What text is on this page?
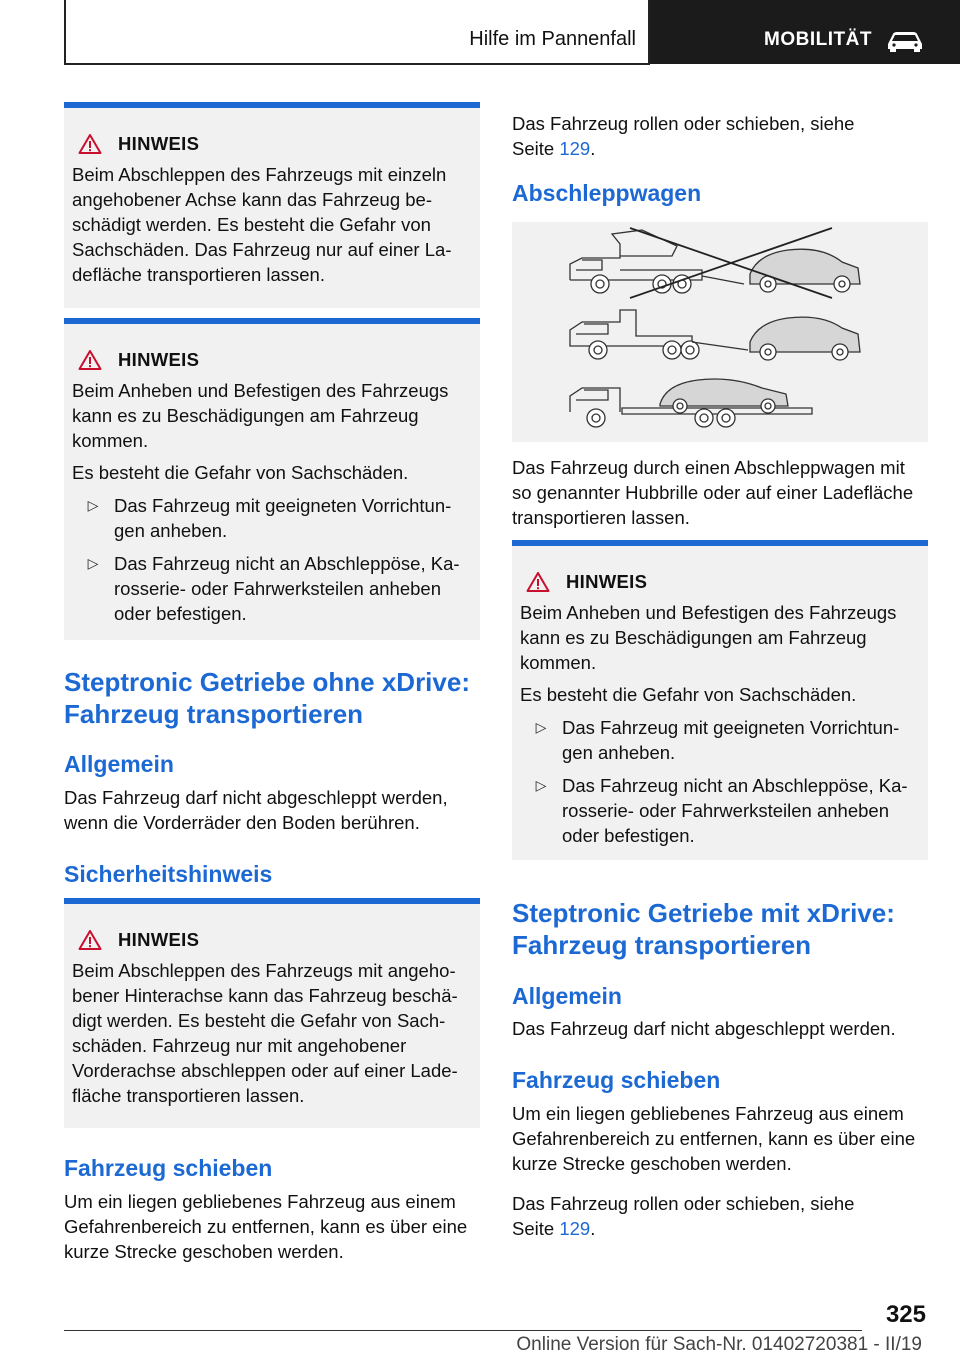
Hilfe im Pannenfall	MOBILITÄT
HINWEIS
Beim Abschleppen des Fahrzeugs mit einzeln angehobener Achse kann das Fahrzeug beschädigt werden. Es besteht die Gefahr von Sachschäden. Das Fahrzeug nur auf einer Ladefläche transportieren lassen.
HINWEIS
Beim Anheben und Befestigen des Fahrzeugs kann es zu Beschädigungen am Fahrzeug kommen.
Es besteht die Gefahr von Sachschäden.
▷ Das Fahrzeug mit geeigneten Vorrichtungen anheben.
▷ Das Fahrzeug nicht an Abschleppöse, Karosserie- oder Fahrwerksteilen anheben oder befestigen.
Steptronic Getriebe ohne xDrive: Fahrzeug transportieren
Allgemein
Das Fahrzeug darf nicht abgeschleppt werden, wenn die Vorderräder den Boden berühren.
Sicherheitshinweis
HINWEIS
Beim Abschleppen des Fahrzeugs mit angehobener Hinterachse kann das Fahrzeug beschädigt werden. Es besteht die Gefahr von Sachschäden. Fahrzeug nur mit angehobener Vorderachse abschleppen oder auf einer Ladefläche transportieren lassen.
Fahrzeug schieben
Um ein liegen gebliebenes Fahrzeug aus einem Gefahrenbereich zu entfernen, kann es über eine kurze Strecke geschoben werden.
Das Fahrzeug rollen oder schieben, siehe
Seite 129.
Abschleppwagen
Das Fahrzeug durch einen Abschleppwagen mit so genannter Hubbrille oder auf einer Ladefläche transportieren lassen.
HINWEIS
Beim Anheben und Befestigen des Fahrzeugs kann es zu Beschädigungen am Fahrzeug kommen.
Es besteht die Gefahr von Sachschäden.
▷ Das Fahrzeug mit geeigneten Vorrichtungen anheben.
▷ Das Fahrzeug nicht an Abschleppöse, Karosserie- oder Fahrwerksteilen anheben oder befestigen.
Steptronic Getriebe mit xDrive: Fahrzeug transportieren
Allgemein
Das Fahrzeug darf nicht abgeschleppt werden.
Fahrzeug schieben
Um ein liegen gebliebenes Fahrzeug aus einem Gefahrenbereich zu entfernen, kann es über eine kurze Strecke geschoben werden.
Das Fahrzeug rollen oder schieben, siehe
Seite 129.
325
Online Version für Sach-Nr. 01402720381 - II/19
